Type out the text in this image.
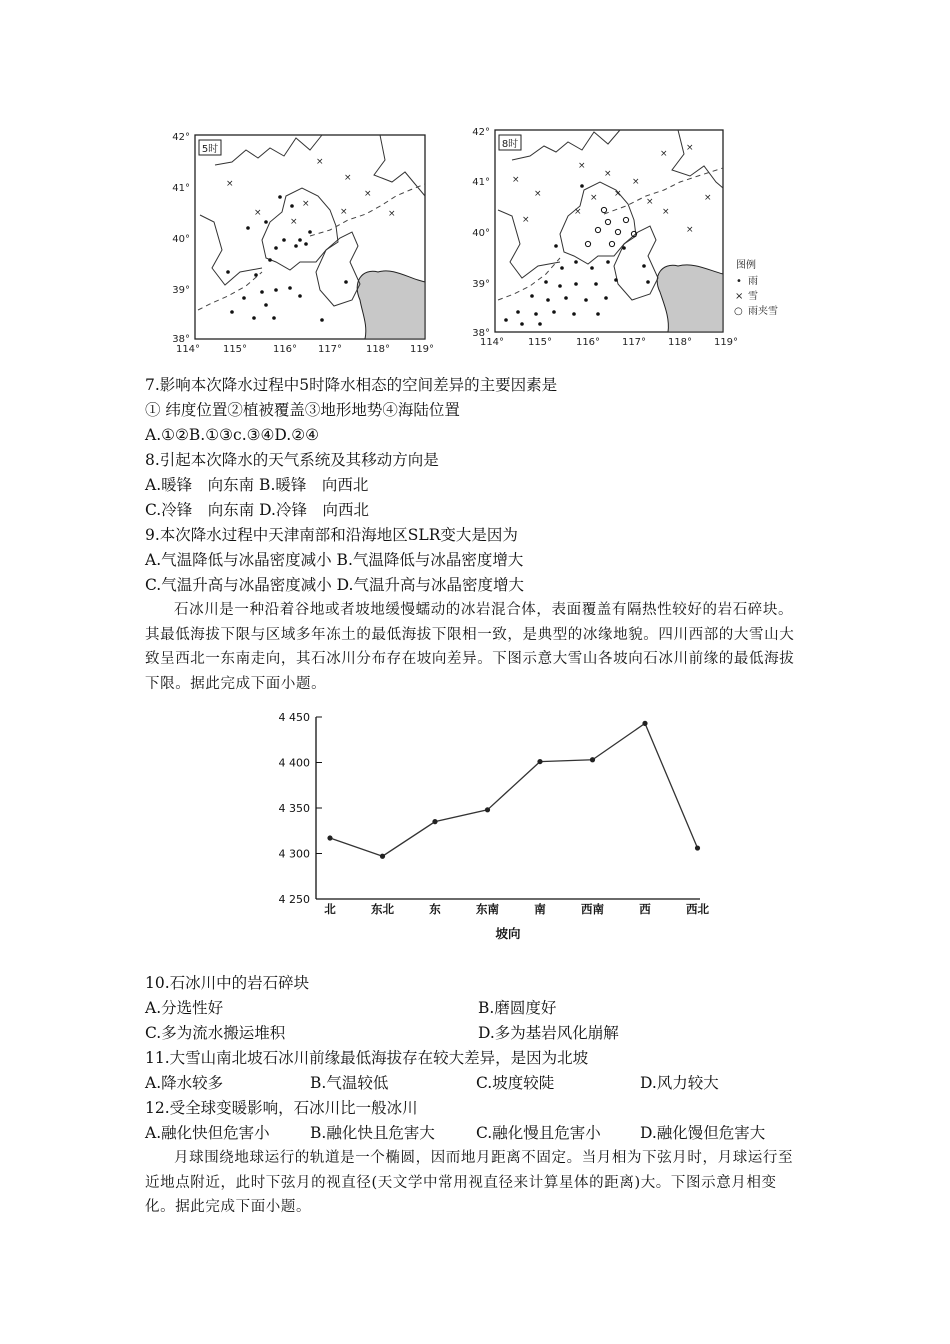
×
×
×
×
×
×
×
×
×
5时
42°
41°
40°
39°
38°
114° 115°	116° 117° 118° 119°
×
×
×
×
×
×
×
×
×
×
×
×
×	×	×
8时
42°
41°
40°
39°
38°
114° 115° 116° 117° 118° 119°
图例
• 雨
× 雪
○ 雨夹雪
7.影响本次降水过程中5时降水相态的空间差异的主要因素是
① 纬度位置②植被覆盖③地形地势④海陆位置
A.①②B.①③c.③④D.②④
8.引起本次降水的天气系统及其移动方向是
A.暖锋　向东南 B.暖锋　向西北
C.冷锋　向东南 D.冷锋　向西北
9.本次降水过程中天津南部和沿海地区SLR变大是因为
A.气温降低与冰晶密度减小 B.气温降低与冰晶密度增大
C.气温升高与冰晶密度减小 D.气温升高与冰晶密度增大
石冰川是一种沿着谷地或者坡地缓慢蠕动的冰岩混合体，表面覆盖有隔热性较好的岩石碎块。其最低海拔下限与区域多年冻土的最低海拔下限相一致，是典型的冰缘地貌。四川西部的大雪山大致呈西北一东南走向，其石冰川分布存在坡向差异。下图示意大雪山各坡向石冰川前缘的最低海拔下限。据此完成下面小题。
4 450
4 400
4 350
4 300
4 250
北	东北	东	东南	南	西南	西	西北
坡向
10.石冰川中的岩石碎块
A.分选性好	B.磨圆度好
C.多为流水搬运堆积	D.多为基岩风化崩解
11.大雪山南北坡石冰川前缘最低海拔存在较大差异，是因为北坡
A.降水较多	B.气温较低	C.坡度较陡	D.风力较大
12.受全球变暖影响，石冰川比一般冰川
A.融化快但危害小	B.融化快且危害大	C.融化慢且危害小	D.融化馒但危害大
月球围绕地球运行的轨道是一个椭圆，因而地月距离不固定。当月相为下弦月时，月球运行至近地点附近，此时下弦月的视直径(天文学中常用视直径来计算星体的距离)大。下图示意月相变化。据此完成下面小题。
